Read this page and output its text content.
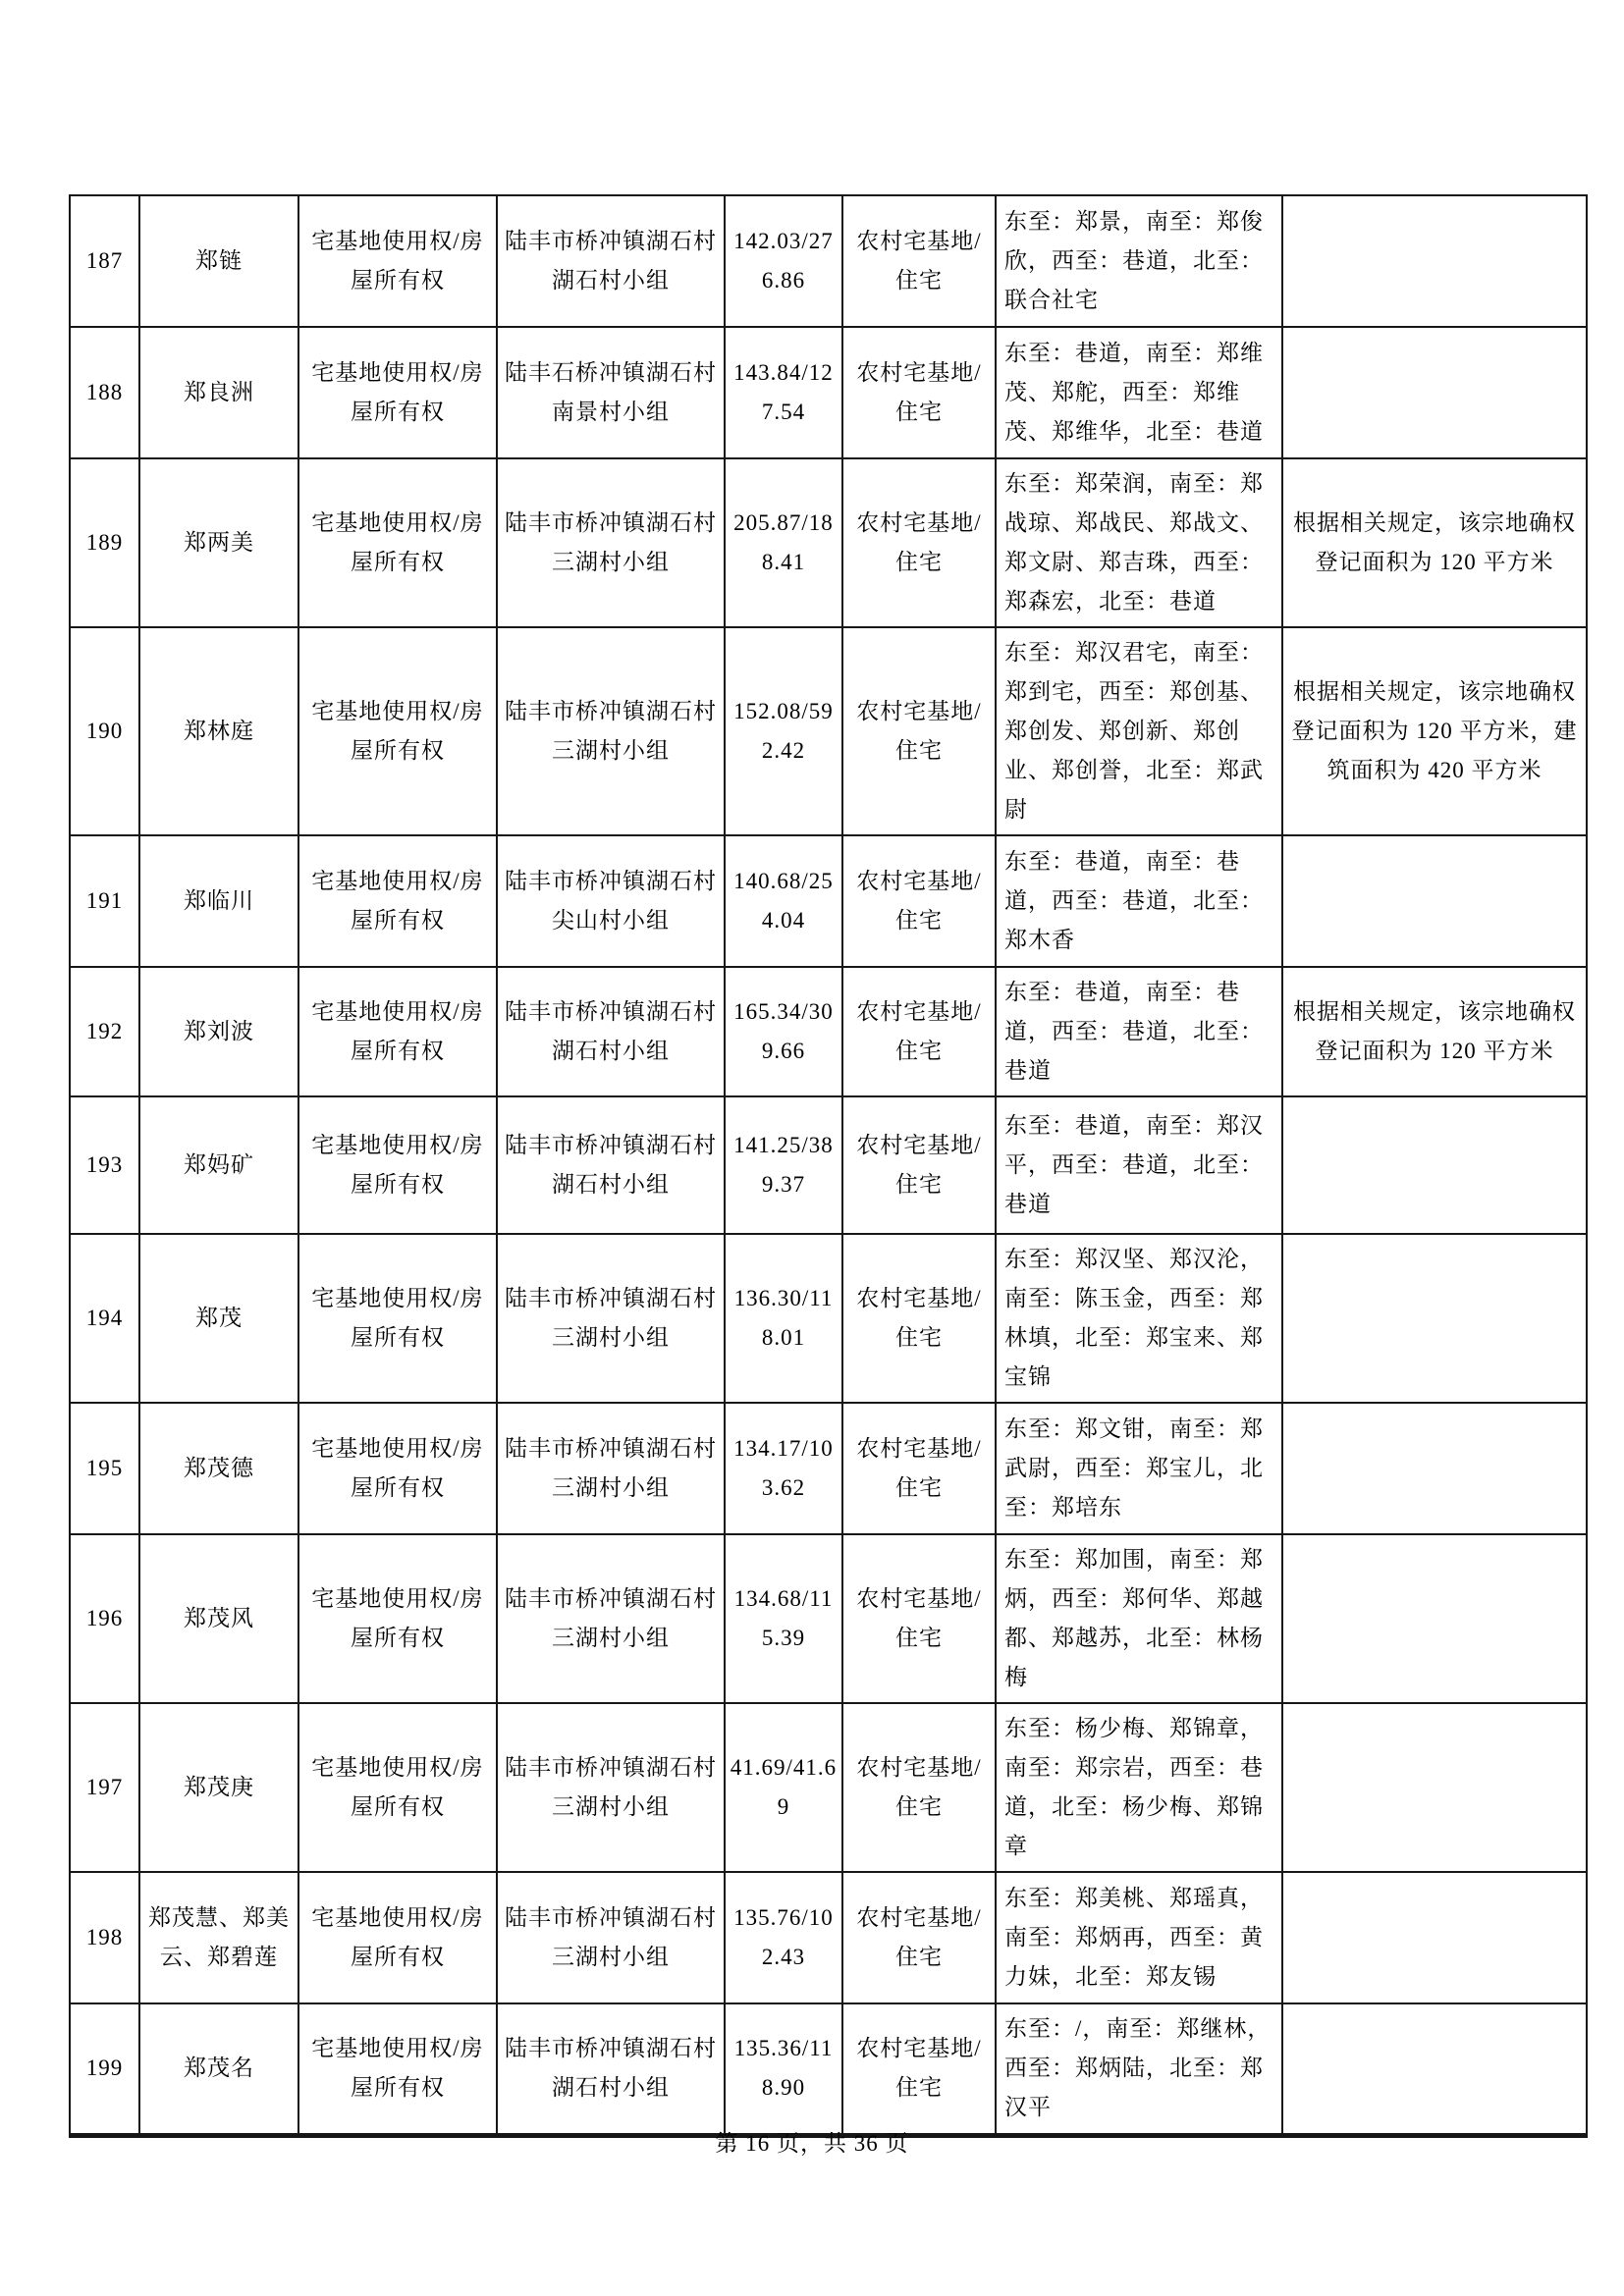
187	郑链	宅基地使用权/房屋所有权	陆丰市桥冲镇湖石村湖石村小组	142.03/276.86	农村宅基地/住宅	东至：郑景，南至：郑俊欣，西至：巷道，北至：联合社宅	
188	郑良洲	宅基地使用权/房屋所有权	陆丰石桥冲镇湖石村南景村小组	143.84/127.54	农村宅基地/住宅	东至：巷道，南至：郑维茂、郑舵，西至：郑维茂、郑维华，北至：巷道	
189	郑两美	宅基地使用权/房屋所有权	陆丰市桥冲镇湖石村三湖村小组	205.87/188.41	农村宅基地/住宅	东至：郑荣润，南至：郑战琼、郑战民、郑战文、郑文尉、郑吉珠，西至：郑森宏，北至：巷道	根据相关规定，该宗地确权登记面积为 120 平方米
190	郑林庭	宅基地使用权/房屋所有权	陆丰市桥冲镇湖石村三湖村小组	152.08/592.42	农村宅基地/住宅	东至：郑汉君宅，南至：郑到宅，西至：郑创基、郑创发、郑创新、郑创业、郑创誉，北至：郑武尉	根据相关规定，该宗地确权登记面积为 120 平方米，建筑面积为 420 平方米
191	郑临川	宅基地使用权/房屋所有权	陆丰市桥冲镇湖石村尖山村小组	140.68/254.04	农村宅基地/住宅	东至：巷道，南至：巷道，西至：巷道，北至：郑木香	
192	郑刘波	宅基地使用权/房屋所有权	陆丰市桥冲镇湖石村湖石村小组	165.34/309.66	农村宅基地/住宅	东至：巷道，南至：巷道，西至：巷道，北至：巷道	根据相关规定，该宗地确权登记面积为 120 平方米
193	郑妈矿	宅基地使用权/房屋所有权	陆丰市桥冲镇湖石村湖石村小组	141.25/389.37	农村宅基地/住宅	东至：巷道，南至：郑汉平，西至：巷道，北至：巷道	
194	郑茂	宅基地使用权/房屋所有权	陆丰市桥冲镇湖石村三湖村小组	136.30/118.01	农村宅基地/住宅	东至：郑汉坚、郑汉沦，南至：陈玉金，西至：郑林填，北至：郑宝来、郑宝锦	
195	郑茂德	宅基地使用权/房屋所有权	陆丰市桥冲镇湖石村三湖村小组	134.17/103.62	农村宅基地/住宅	东至：郑文钳，南至：郑武尉，西至：郑宝儿，北至：郑培东	
196	郑茂风	宅基地使用权/房屋所有权	陆丰市桥冲镇湖石村三湖村小组	134.68/115.39	农村宅基地/住宅	东至：郑加围，南至：郑炳，西至：郑何华、郑越都、郑越苏，北至：林杨梅	
197	郑茂庚	宅基地使用权/房屋所有权	陆丰市桥冲镇湖石村三湖村小组	41.69/41.69	农村宅基地/住宅	东至：杨少梅、郑锦章，南至：郑宗岩，西至：巷道，北至：杨少梅、郑锦章	
198	郑茂慧、郑美云、郑碧莲	宅基地使用权/房屋所有权	陆丰市桥冲镇湖石村三湖村小组	135.76/102.43	农村宅基地/住宅	东至：郑美桃、郑瑶真，南至：郑炳再，西至：黄力妹，北至：郑友锡	
199	郑茂名	宅基地使用权/房屋所有权	陆丰市桥冲镇湖石村湖石村小组	135.36/118.90	农村宅基地/住宅	东至：/，南至：郑继林，西至：郑炳陆，北至：郑汉平	
第 16 页，共 36 页
